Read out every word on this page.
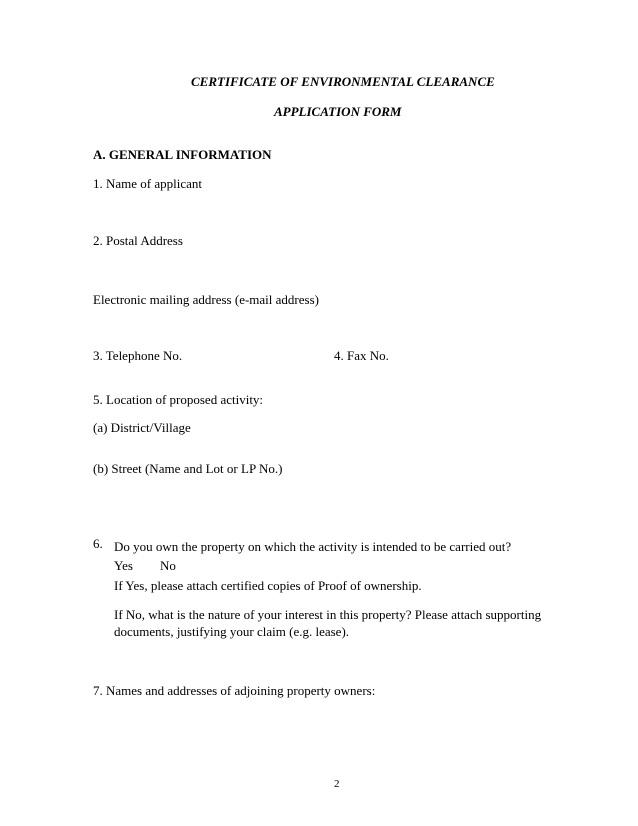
CERTIFICATE OF ENVIRONMENTAL CLEARANCE
APPLICATION FORM
A. GENERAL INFORMATION
1. Name of applicant
2. Postal Address
Electronic mailing address (e-mail address)
3. Telephone No.	4. Fax No.
5. Location of proposed activity:
(a) District/Village
(b) Street (Name and Lot or LP No.)
6. Do you own the property on which the activity is intended to be carried out?
Yes No
If Yes, please attach certified copies of Proof of ownership.
If No, what is the nature of your interest in this property? Please attach supporting
documents, justifying your claim (e.g. lease).
7. Names and addresses of adjoining property owners:
2
